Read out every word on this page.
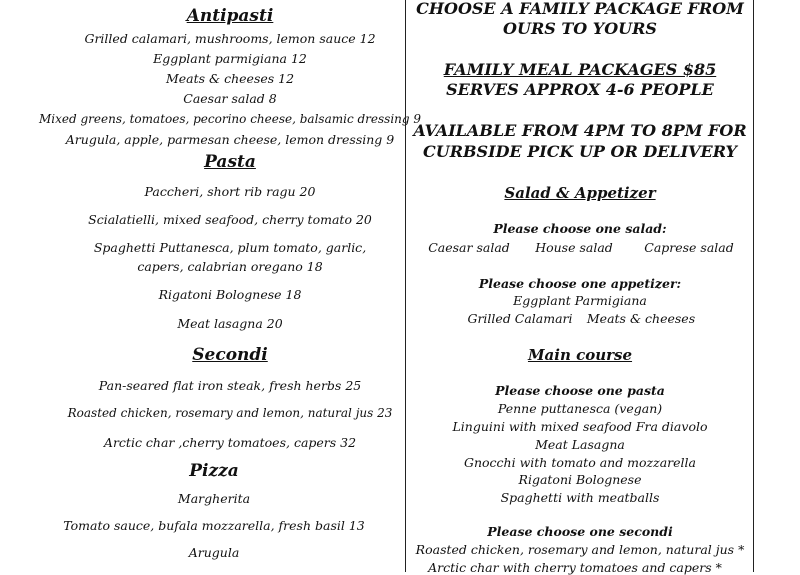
Antipasti
Grilled calamari, mushrooms, lemon sauce 12
Eggplant parmigiana 12
Meats & cheeses 12
Caesar salad 8
Mixed greens, tomatoes, pecorino cheese, balsamic dressing 9
Arugula, apple, parmesan cheese, lemon dressing 9
Pasta
Paccheri, short rib ragu 20
Scialatielli, mixed seafood, cherry tomato 20
Spaghetti Puttanesca, plum tomato, garlic,
capers, calabrian oregano 18
Rigatoni Bolognese 18
Meat lasagna 20
Secondi
Pan-seared flat iron steak, fresh herbs 25
Roasted chicken, rosemary and lemon, natural jus 23
Arctic char ,cherry tomatoes, capers 32
Pizza
Margherita
Tomato sauce, bufala mozzarella, fresh basil 13
Arugula
CHOOSE A FAMILY PACKAGE FROM
OURS TO YOURS
FAMILY MEAL PACKAGES $85
SERVES APPROX 4-6 PEOPLE
AVAILABLE FROM 4PM TO 8PM FOR
CURBSIDE PICK UP OR DELIVERY
Salad & Appetizer
Please choose one salad:
Caesar salad House salad	Caprese salad
Please choose one appetizer:
Eggplant Parmigiana
Grilled Calamari Meats & cheeses
Main course
Please choose one pasta
Penne puttanesca (vegan)
Linguini with mixed seafood Fra diavolo
Meat Lasagna
Gnocchi with tomato and mozzarella
Rigatoni Bolognese
Spaghetti with meatballs
Please choose one secondi
Roasted chicken, rosemary and lemon, natural jus *
Arctic char with cherry tomatoes and capers *
